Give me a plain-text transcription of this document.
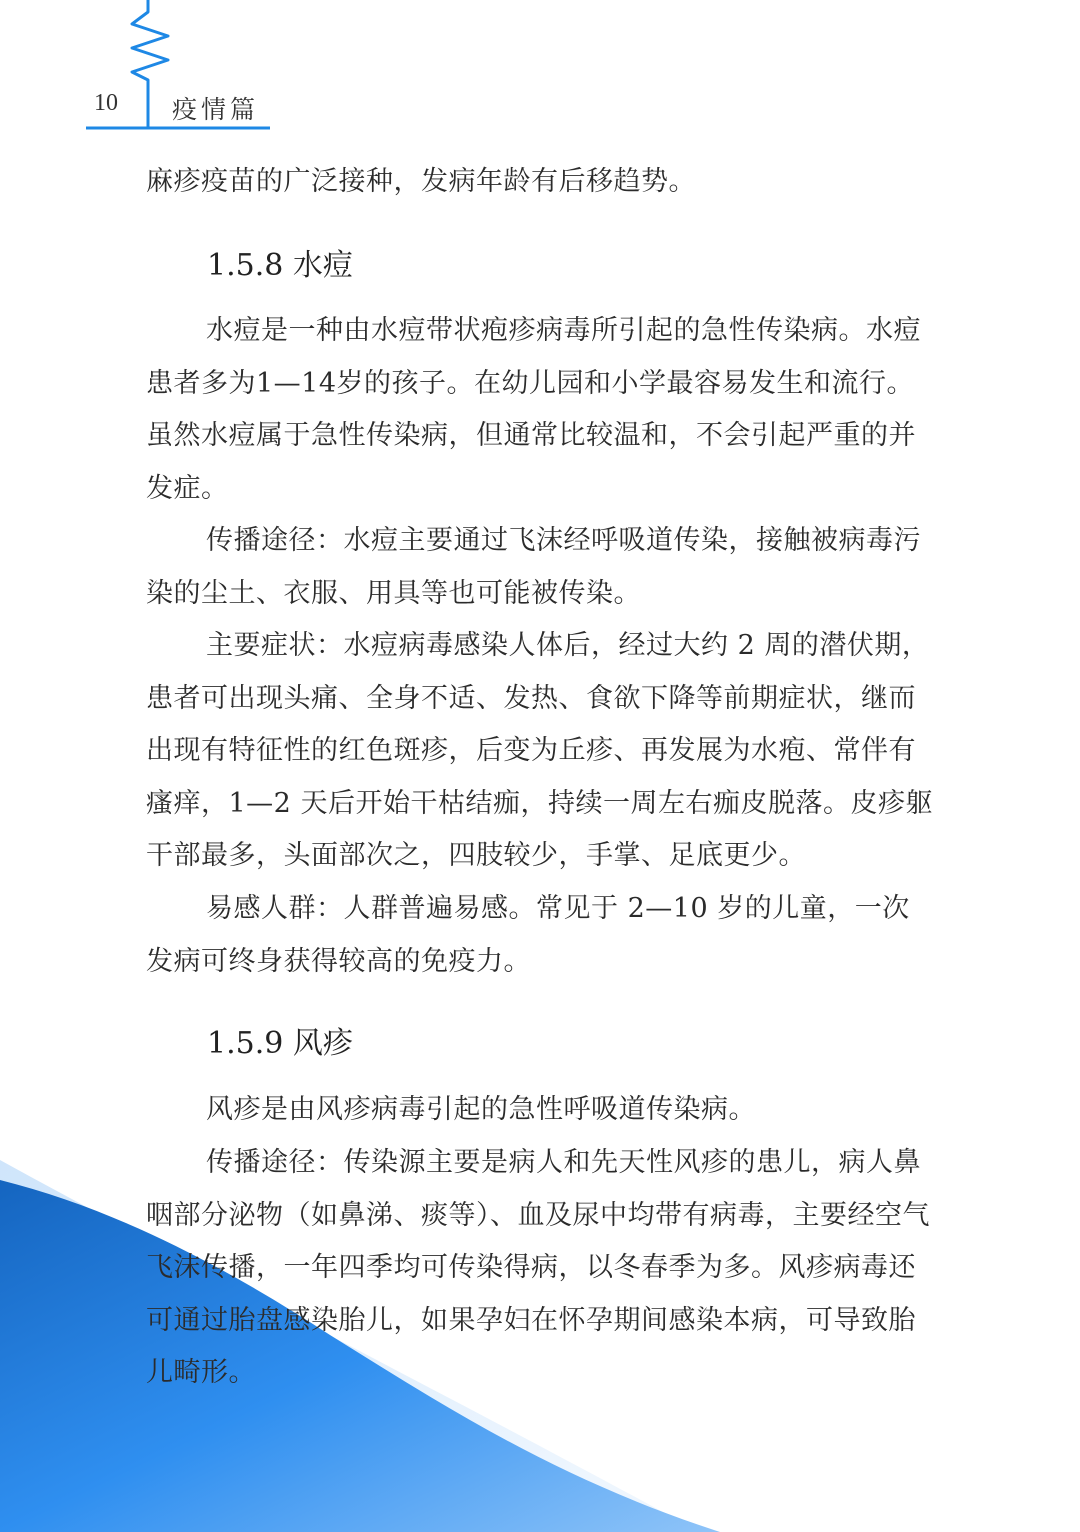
10 疫情篇

麻疹疫苗的广泛接种，发病年龄有后移趋势。

1.5.8 水痘

水痘是一种由水痘带状疱疹病毒所引起的急性传染病。水痘患者多为1—14岁的孩子。在幼儿园和小学最容易发生和流行。虽然水痘属于急性传染病，但通常比较温和，不会引起严重的并发症。

传播途径：水痘主要通过飞沫经呼吸道传染，接触被病毒污染的尘土、衣服、用具等也可能被传染。

主要症状：水痘病毒感染人体后，经过大约 2 周的潜伏期，患者可出现头痛、全身不适、发热、食欲下降等前期症状，继而出现有特征性的红色斑疹，后变为丘疹、再发展为水疱、常伴有瘙痒，1—2 天后开始干枯结痂，持续一周左右痂皮脱落。皮疹躯干部最多，头面部次之，四肢较少，手掌、足底更少。

易感人群：人群普遍易感。常见于 2—10 岁的儿童，一次发病可终身获得较高的免疫力。

1.5.9 风疹

风疹是由风疹病毒引起的急性呼吸道传染病。

传播途径：传染源主要是病人和先天性风疹的患儿，病人鼻咽部分泌物（如鼻涕、痰等）、血及尿中均带有病毒，主要经空气飞沫传播，一年四季均可传染得病，以冬春季为多。风疹病毒还可通过胎盘感染胎儿，如果孕妇在怀孕期间感染本病，可导致胎儿畸形。
